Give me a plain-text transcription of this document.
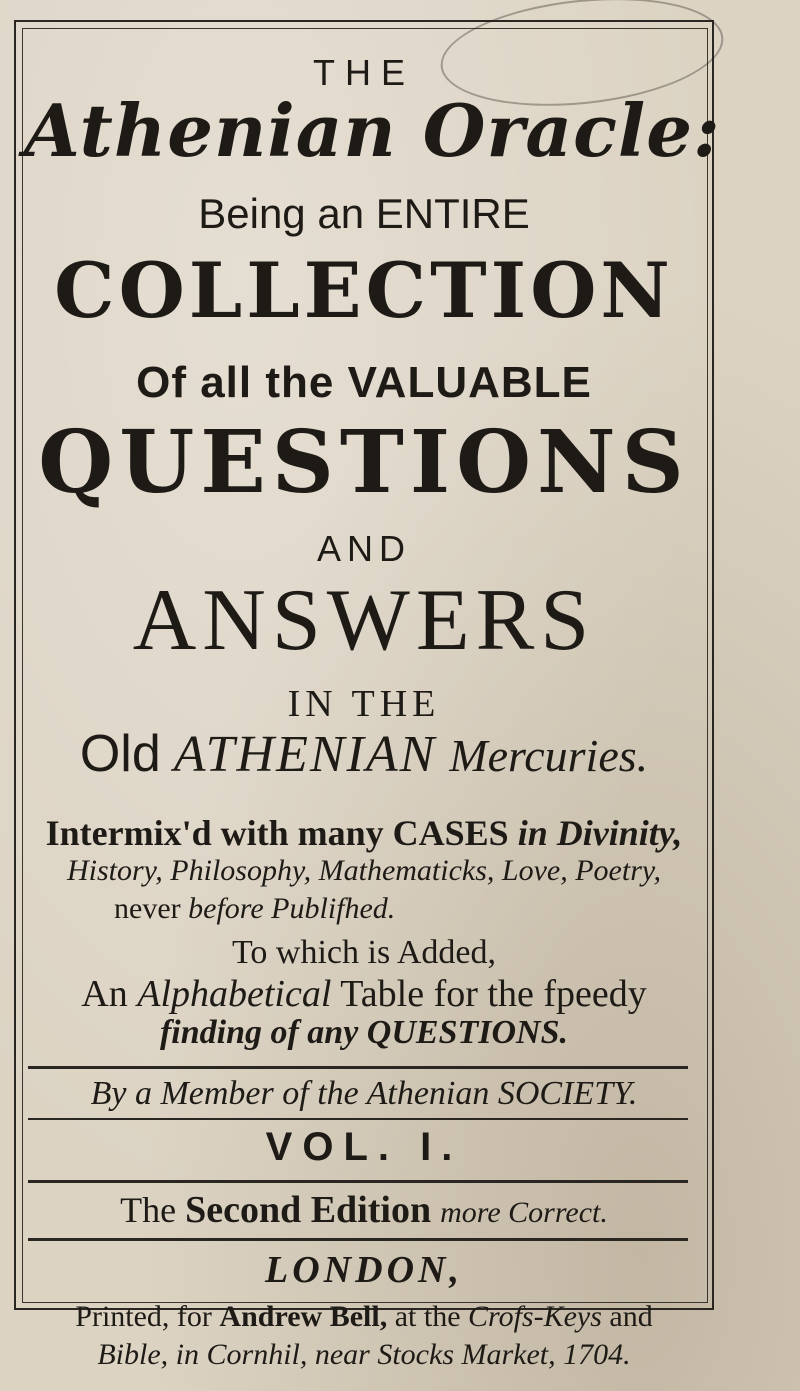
THE
Athenian Oracle:
Being an ENTIRE
COLLECTION
Of all the VALUABLE
QUESTIONS
AND
ANSWERS
IN THE
Old ATHENIAN Mercuries.
Intermix'd with many CASES in Divinity,
History, Philosophy, Mathematicks, Love, Poetry,
never before Publifhed.
To which is Added,
An Alphabetical Table for the fpeedy
finding of any QUESTIONS.
By a Member of the Athenian SOCIETY.
VOL. I.
The Second Edition more Correct.
LONDON,
Printed, for Andrew Bell, at the Crofs-Keys and
Bible, in Cornhil, near Stocks Market, 1704.
